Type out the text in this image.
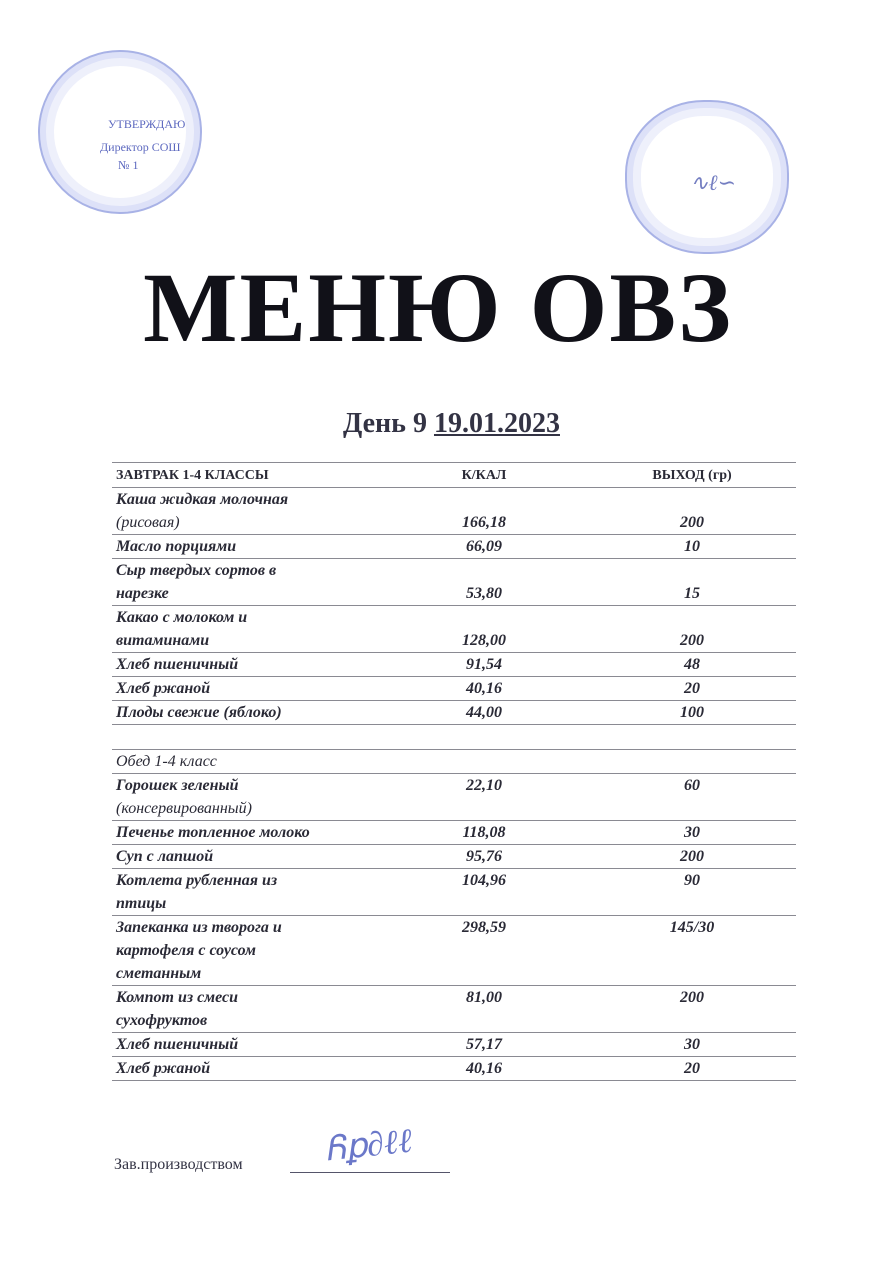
УТВЕРЖДАЮ
Директор СОШ
№ 1
∿ℓ∽
МЕНЮ ОВЗ
День 9 19.01.2023
ЗАВТРАК 1-4 КЛАССЫ	К/КАЛ	ВЫХОД (гр)
Каша жидкая молочная
(рисовая)	166,18	200
Масло порциями	66,09	10
Сыр твердых сортов в
нарезке	53,80	15
Какао с молоком и
витаминами	128,00	200
Хлеб пшеничный	91,54	48
Хлеб ржаной	40,16	20
Плоды свежие (яблоко)	44,00	100

Обед 1-4 класс		
Горошек зеленый
(консервированный)	22,10	60
Печенье топленное молоко	118,08	30
Суп с лапшой	95,76	200
Котлета рубленная из
птицы	104,96	90
Запеканка из творога и
картофеля с соусом
сметанным	298,59	145/30
Компот из смеси
сухофруктов	81,00	200
Хлеб пшеничный	57,17	30
Хлеб ржаной	40,16	20
Зав.производством Ᏺꝑ∂ℓℓ
